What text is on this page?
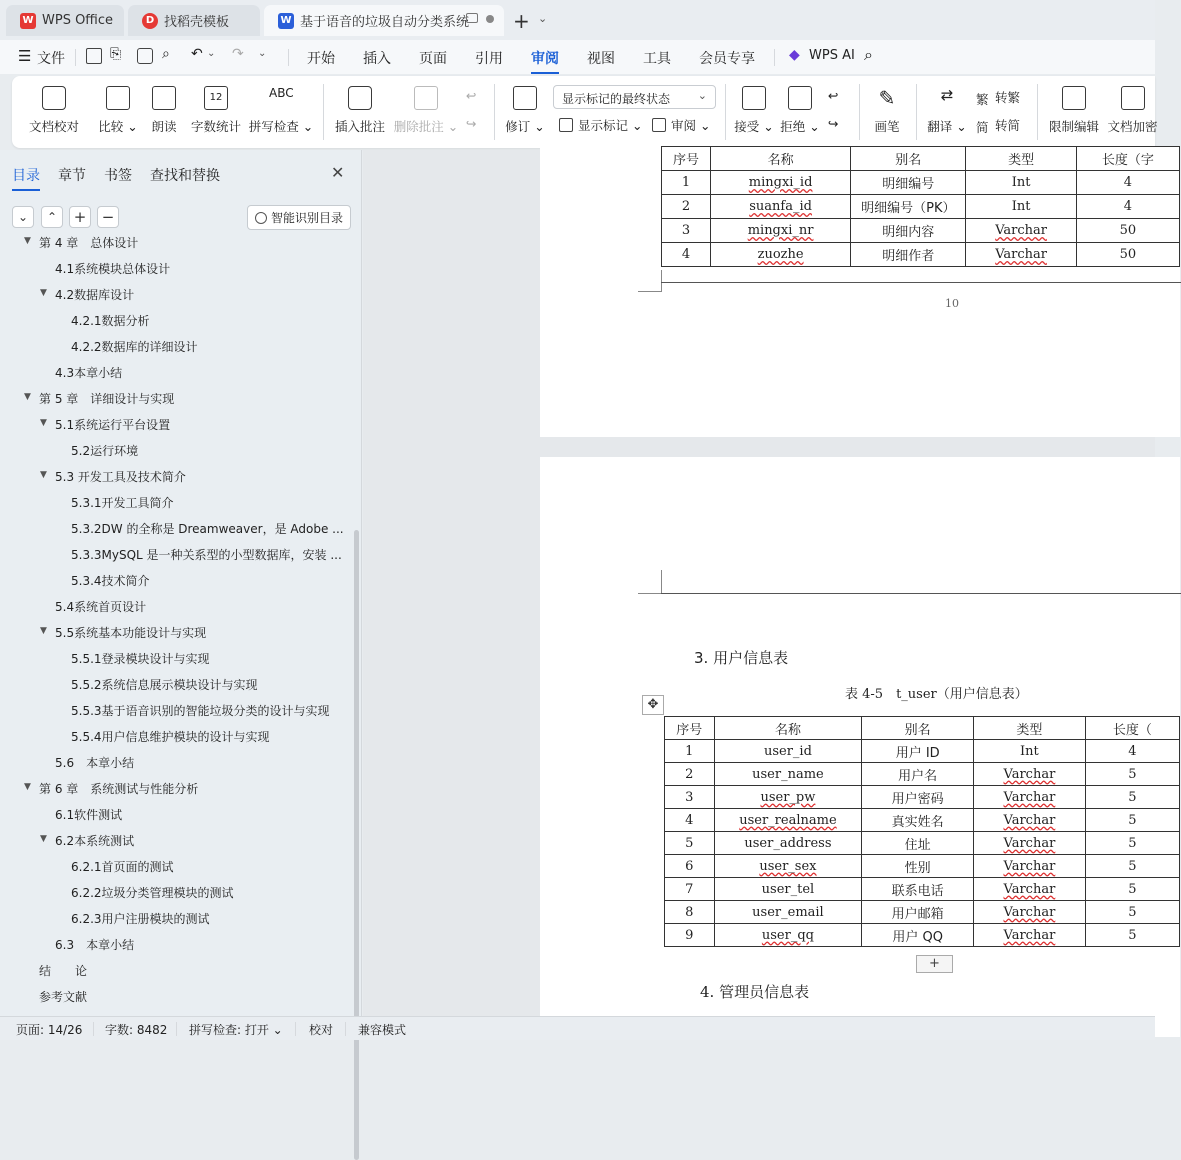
W WPS Office	D 找稻壳模板	W 基于语音的垃圾自动分类系统 + ⌄
☰ 文件	⎘	⌕ ↶ ⌄ ↷ ⌄	开始 插入 页面 引用 审阅 视图 工具 会员专享 ◆ WPS AI ⌕
文档校对 比较 ⌄ 朗读
12
字数统计
ABC
拼写检查 ⌄ 插入批注 删除批注 ⌄
↩
↪ 修订 ⌄
显示标记的最终状态	⌄
显示标记 ⌄ 审阅 ⌄ 接受 ⌄ 拒绝 ⌄
↩
↪
✎
画笔
⇄
翻译 ⌄
繁 转繁
简 转简 限制编辑 文档加密
目录 章节 书签 查找和替换	✕
⌄	⌃	+	−	智能识别目录
▼ 第 4 章　总体设计
4.1系统模块总体设计
▼ 4.2数据库设计
4.2.1数据分析
4.2.2数据库的详细设计
4.3本章小结
▼ 第 5 章　详细设计与实现
▼ 5.1系统运行平台设置
5.2运行环境
▼ 5.3 开发工具及技术简介
5.3.1开发工具简介
5.3.2DW 的全称是 Dreamweaver，是 Adobe ...
5.3.3MySQL 是一种关系型的小型数据库，安装 ...
5.3.4技术简介
5.4系统首页设计
▼ 5.5系统基本功能设计与实现
5.5.1登录模块设计与实现
5.5.2系统信息展示模块设计与实现
5.5.3基于语音识别的智能垃圾分类的设计与实现
5.5.4用户信息维护模块的设计与实现
5.6　本章小结
▼ 第 6 章　系统测试与性能分析
6.1软件测试
▼ 6.2本系统测试
6.2.1首页面的测试
6.2.2垃圾分类管理模块的测试
6.2.3用户注册模块的测试
6.3　本章小结
结　　论
参考文献
序号	名称	别名	类型	长度（字
1	mingxi_id	明细编号	Int	4
2	suanfa_id	明细编号（PK）	Int	4
3	mingxi_nr	明细内容	Varchar	50
4	zuozhe	明细作者	Varchar	50
10
3. 用户信息表
表 4-5　t_user（用户信息表）
✥
序号	名称	别名	类型	长度（
1	user_id	用户 ID	Int	4
2	user_name	用户名	Varchar	5
3	user_pw	用户密码	Varchar	5
4	user_realname	真实姓名	Varchar	5
5	user_address	住址	Varchar	5
6	user_sex	性别	Varchar	5
7	user_tel	联系电话	Varchar	5
8	user_email	用户邮箱	Varchar	5
9	user_qq	用户 QQ	Varchar	5
+
4. 管理员信息表
页面: 14/26 字数: 8482 拼写检查: 打开 ⌄ 校对 兼容模式
